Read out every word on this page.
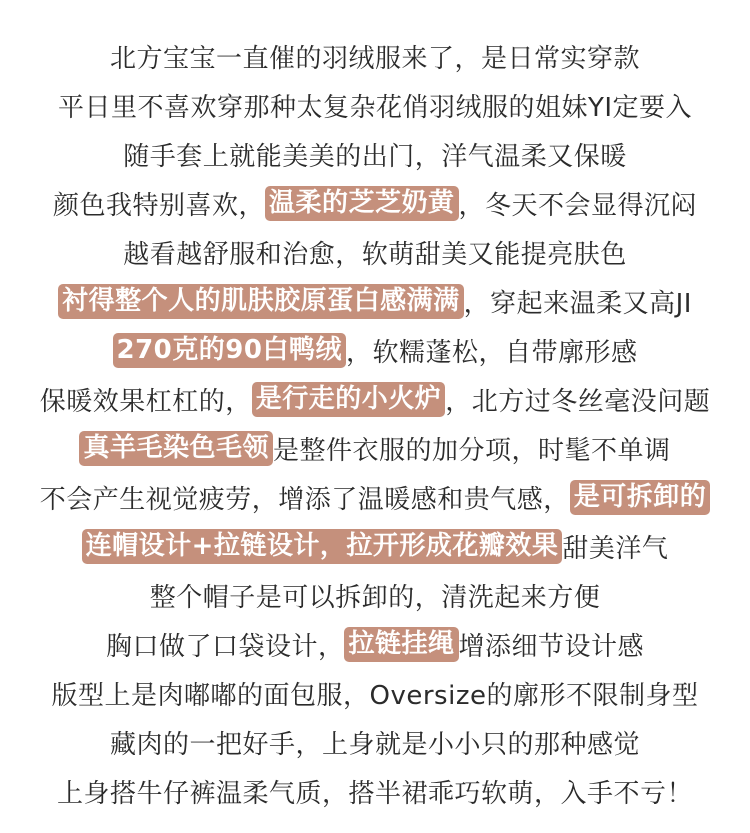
北方宝宝一直催的羽绒服来了，是日常实穿款
平日里不喜欢穿那种太复杂花俏羽绒服的姐妹YI定要入
随手套上就能美美的出门，洋气温柔又保暖
颜色我特别喜欢， 温柔的芝芝奶黄 ，冬天不会显得沉闷
越看越舒服和治愈，软萌甜美又能提亮肤色
衬得整个人的肌肤胶原蛋白感满满 ，穿起来温柔又高JI
270克的90白鸭绒 ，软糯蓬松，自带廓形感
保暖效果杠杠的， 是行走的小火炉 ，北方过冬丝毫没问题
真羊毛染色毛领 是整件衣服的加分项，时髦不单调
不会产生视觉疲劳，增添了温暖感和贵气感， 是可拆卸的
连帽设计+拉链设计，拉开形成花瓣效果 甜美洋气
整个帽子是可以拆卸的，清洗起来方便
胸口做了口袋设计， 拉链挂绳 增添细节设计感
版型上是肉嘟嘟的面包服，Oversize的廓形不限制身型
藏肉的一把好手，上身就是小小只的那种感觉
上身搭牛仔裤温柔气质，搭半裙乖巧软萌，入手不亏！
